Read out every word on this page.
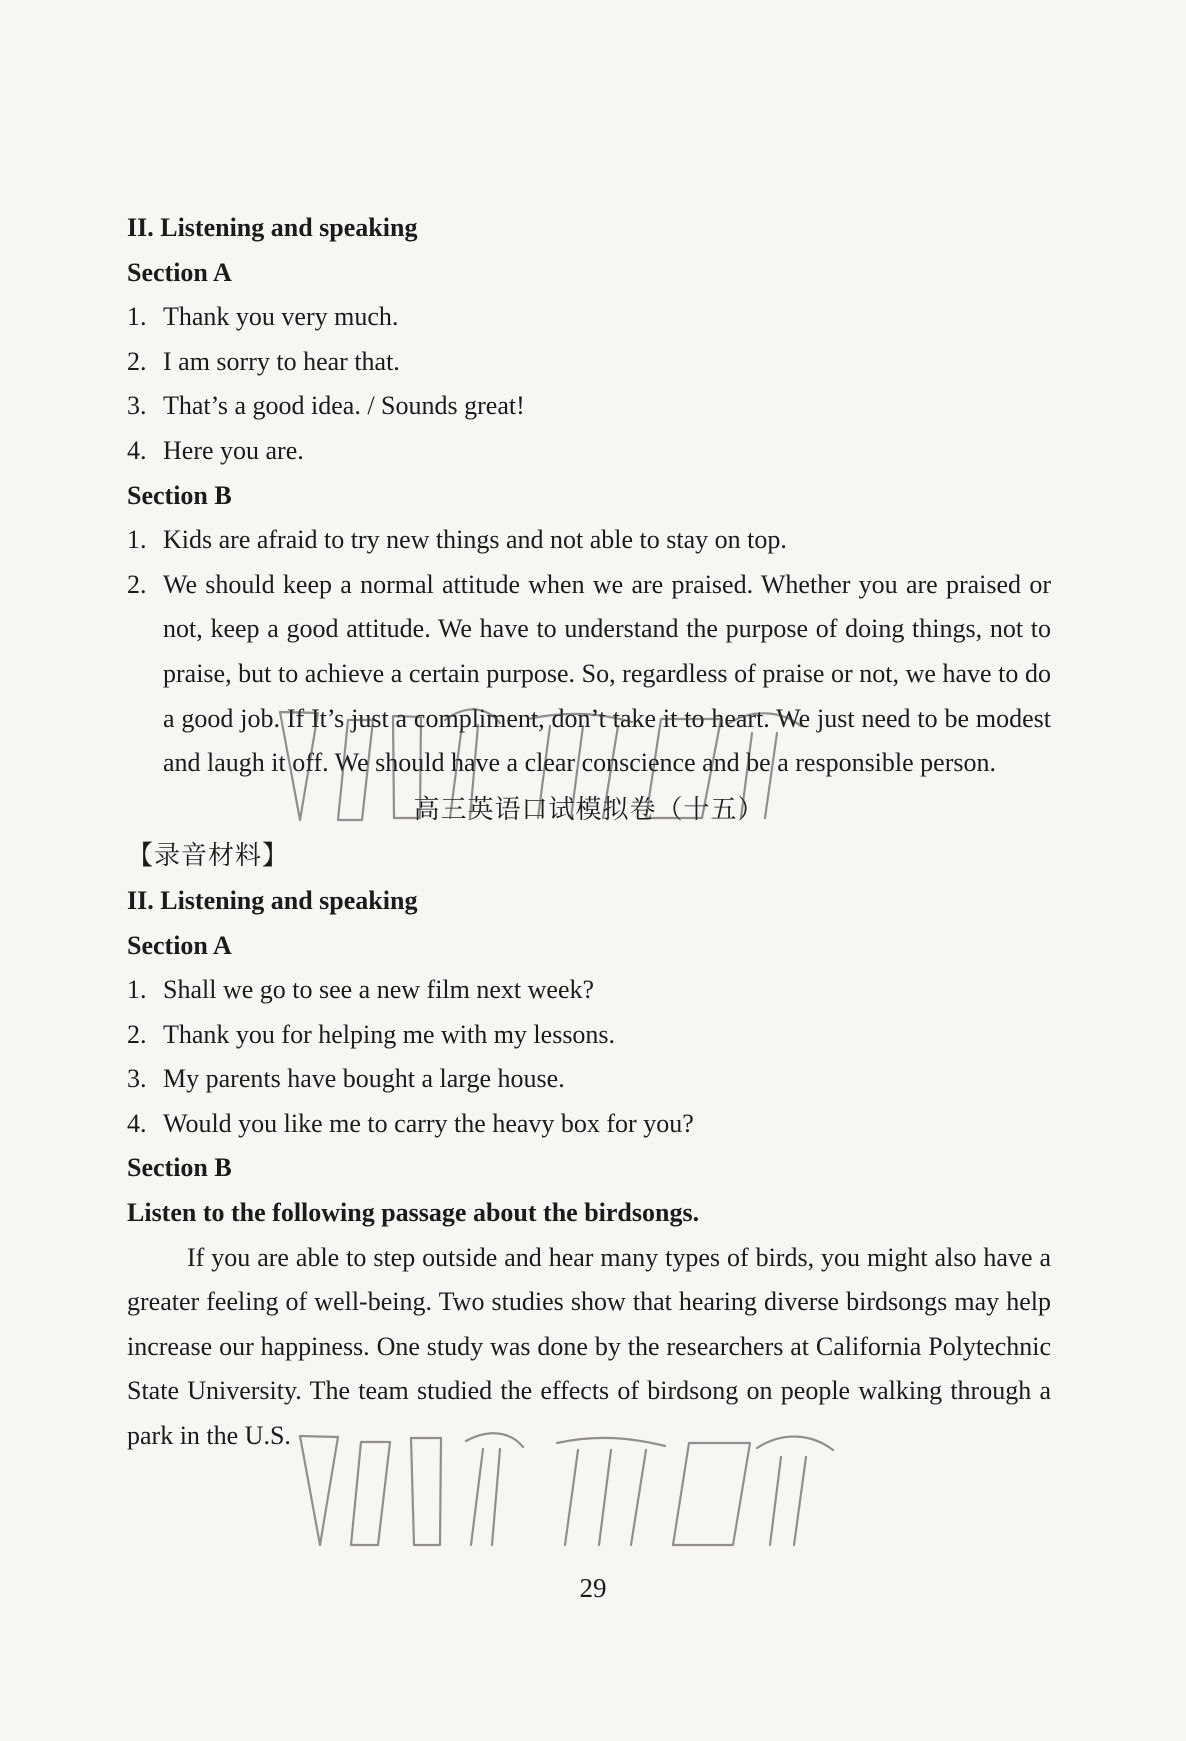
II. Listening and speaking
Section A
1. Thank you very much.
2. I am sorry to hear that.
3. That’s a good idea. / Sounds great!
4. Here you are.
Section B
1. Kids are afraid to try new things and not able to stay on top.
2. We should keep a normal attitude when we are praised. Whether you are praised or not, keep a good attitude. We have to understand the purpose of doing things, not to praise, but to achieve a certain purpose. So, regardless of praise or not, we have to do a good job. If It’s just a compliment, don’t take it to heart. We just need to be modest and laugh it off. We should have a clear conscience and be a responsible person.
高三英语口试模拟卷（十五）
【录音材料】
II. Listening and speaking
Section A
1. Shall we go to see a new film next week?
2. Thank you for helping me with my lessons.
3. My parents have bought a large house.
4. Would you like me to carry the heavy box for you?
Section B
Listen to the following passage about the birdsongs.
If you are able to step outside and hear many types of birds, you might also have a greater feeling of well-being. Two studies show that hearing diverse birdsongs may help increase our happiness. One study was done by the researchers at California Polytechnic State University. The team studied the effects of birdsong on people walking through a park in the U.S.
29
